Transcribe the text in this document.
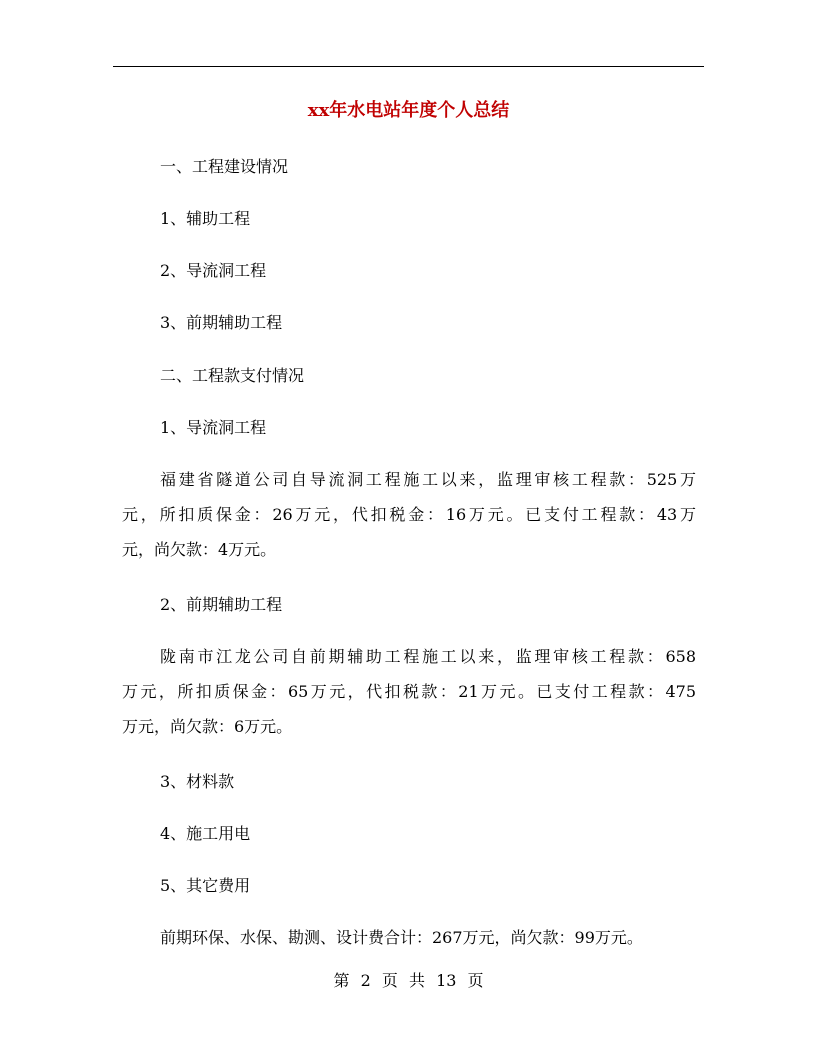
xx年水电站年度个人总结
一、工程建设情况
1、辅助工程
2、导流洞工程
3、前期辅助工程
二、工程款支付情况
1、导流洞工程
福建省隧道公司自导流洞工程施工以来，监理审核工程款：525万
元，所扣质保金：26万元，代扣税金：16万元。已支付工程款：43万
元，尚欠款：4万元。
2、前期辅助工程
陇南市江龙公司自前期辅助工程施工以来，监理审核工程款：658
万元，所扣质保金：65万元，代扣税款：21万元。已支付工程款：475
万元，尚欠款：6万元。
3、材料款
4、施工用电
5、其它费用
前期环保、水保、勘测、设计费合计：267万元，尚欠款：99万元。
第 2 页 共 13 页
